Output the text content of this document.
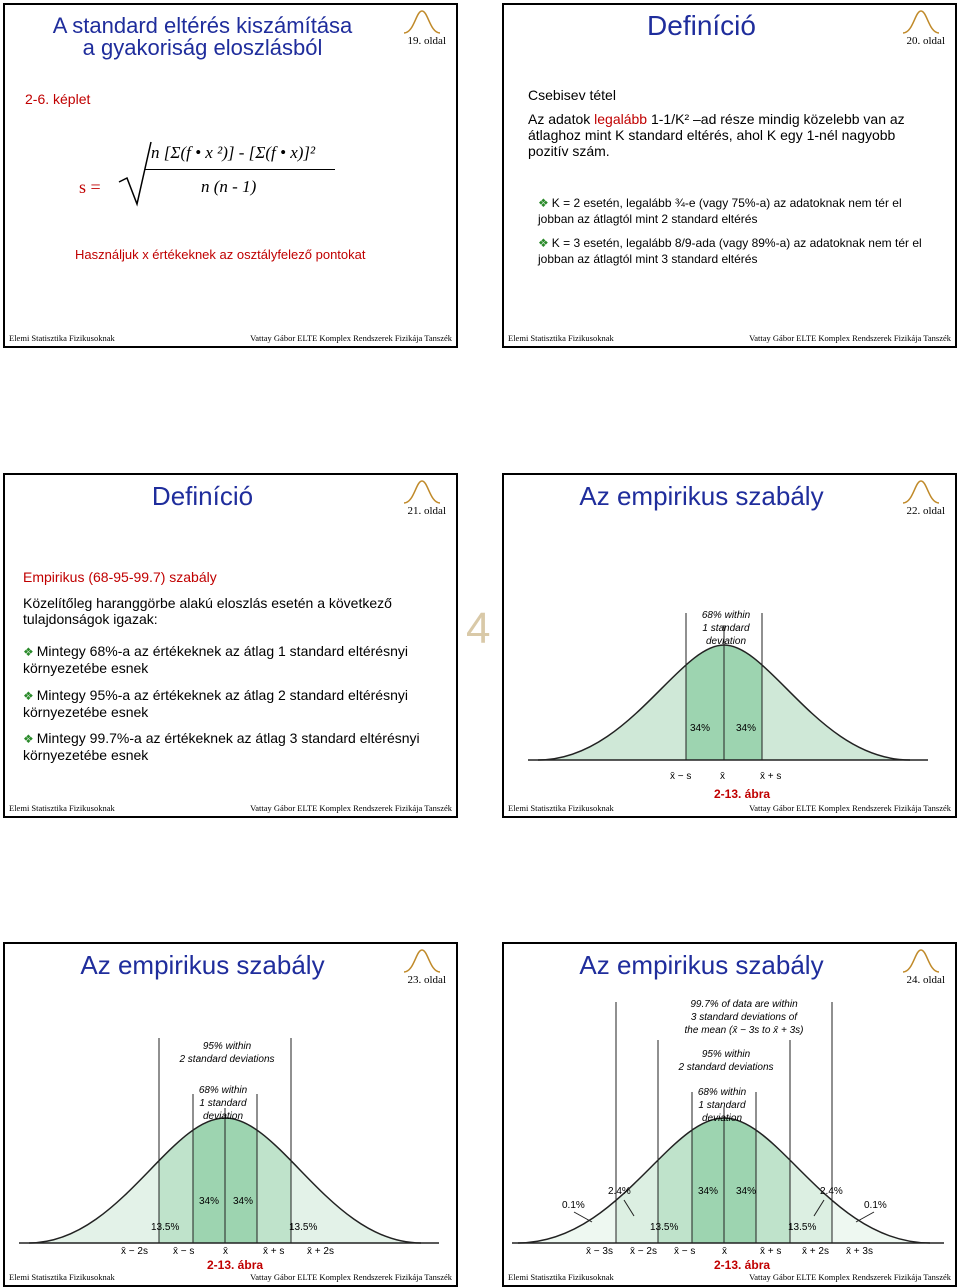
A standard eltérés kiszámítása
a gyakoriság eloszlásból	19. oldal
2-6. képlet
s =
n [Σ(f • x ²)] - [Σ(f • x)]²
n (n - 1)
Használjuk x értékeknek az osztályfelező pontokat
Elemi Statisztika Fizikusoknak	Vattay Gábor ELTE Komplex Rendszerek Fizikája Tanszék
Definíció	20. oldal
Csebisev tétel
Az adatok legalább 1-1/K² –ad része mindig közelebb van az átlaghoz mint K standard eltérés, ahol K egy 1-nél nagyobb pozitív szám.
❖ K = 2 esetén, legalább ¾-e (vagy 75%-a) az adatoknak nem tér el jobban az átlagtól mint 2 standard eltérés
❖ K = 3 esetén, legalább 8/9-ada (vagy 89%-a) az adatoknak nem tér el jobban az átlagtól mint 3 standard eltérés
Elemi Statisztika Fizikusoknak	Vattay Gábor ELTE Komplex Rendszerek Fizikája Tanszék
Definíció	21. oldal
Empirikus (68-95-99.7) szabály
Közelítőleg haranggörbe alakú eloszlás esetén a következő tulajdonságok igazak:
❖ Mintegy 68%-a az értékeknek az átlag 1 standard eltérésnyi környezetébe esnek
❖ Mintegy 95%-a az értékeknek az átlag 2 standard eltérésnyi környezetébe esnek
❖ Mintegy 99.7%-a az értékeknek az átlag 3 standard eltérésnyi környezetébe esnek
Elemi Statisztika Fizikusoknak	Vattay Gábor ELTE Komplex Rendszerek Fizikája Tanszék
4
Az empirikus szabály	22. oldal
68% within
1 standard
deviation
34%	34%
x̄ − s	x̄	x̄ + s
2-13. ábra
Elemi Statisztika Fizikusoknak	Vattay Gábor ELTE Komplex Rendszerek Fizikája Tanszék
Az empirikus szabály	23. oldal
95% within
2 standard deviations
68% within
1 standard
deviation
34% 34%
13.5%	13.5%
x̄ − 2s	x̄ − s	x̄	x̄ + s x̄ + 2s
2-13. ábra
Elemi Statisztika Fizikusoknak	Vattay Gábor ELTE Komplex Rendszerek Fizikája Tanszék
Az empirikus szabály	24. oldal
99.7% of data are within
3 standard deviations of
the mean (x̄ − 3s to x̄ + 3s)
95% within
2 standard deviations
68% within
1 standard
deviation
0.1%
2.4%	34% 34%	2.4%
0.1%
13.5%	13.5%
x̄ − 3s x̄ − 2s x̄ − s	x̄	x̄ + s x̄ + 2s x̄ + 3s
2-13. ábra
Elemi Statisztika Fizikusoknak	Vattay Gábor ELTE Komplex Rendszerek Fizikája Tanszék
